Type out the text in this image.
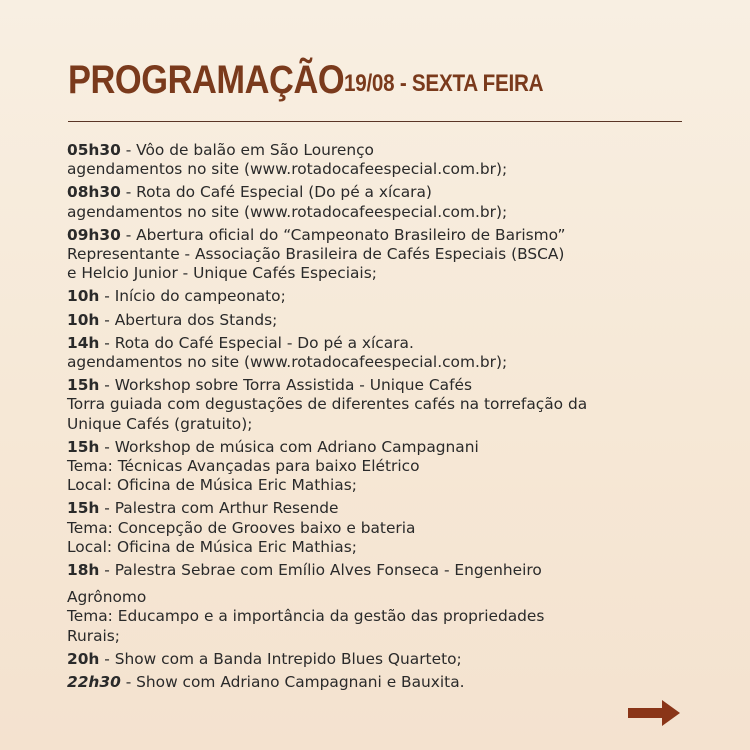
PROGRAMAÇÃO 19/08 - SEXTA FEIRA
05h30 - Vôo de balão em São Lourenço
agendamentos no site (www.rotadocafeespecial.com.br);
08h30 - Rota do Café Especial (Do pé a xícara)
agendamentos no site (www.rotadocafeespecial.com.br);
09h30 - Abertura oficial do “Campeonato Brasileiro de Barismo”
Representante - Associação Brasileira de Cafés Especiais (BSCA)
e Helcio Junior - Unique Cafés Especiais;
10h - Início do campeonato;
10h - Abertura dos Stands;
14h - Rota do Café Especial - Do pé a xícara.
agendamentos no site (www.rotadocafeespecial.com.br);
15h - Workshop sobre Torra Assistida - Unique Cafés
Torra guiada com degustações de diferentes cafés na torrefação da
Unique Cafés (gratuito);
15h - Workshop de música com Adriano Campagnani
Tema: Técnicas Avançadas para baixo Elétrico
Local: Oficina de Música Eric Mathias;
15h - Palestra com Arthur Resende
Tema: Concepção de Grooves baixo e bateria
Local: Oficina de Música Eric Mathias;
18h - Palestra Sebrae com Emílio Alves Fonseca - Engenheiro
Agrônomo
Tema: Educampo e a importância da gestão das propriedades
Rurais;
20h - Show com a Banda Intrepido Blues Quarteto;
22h30 - Show com Adriano Campagnani e Bauxita.
